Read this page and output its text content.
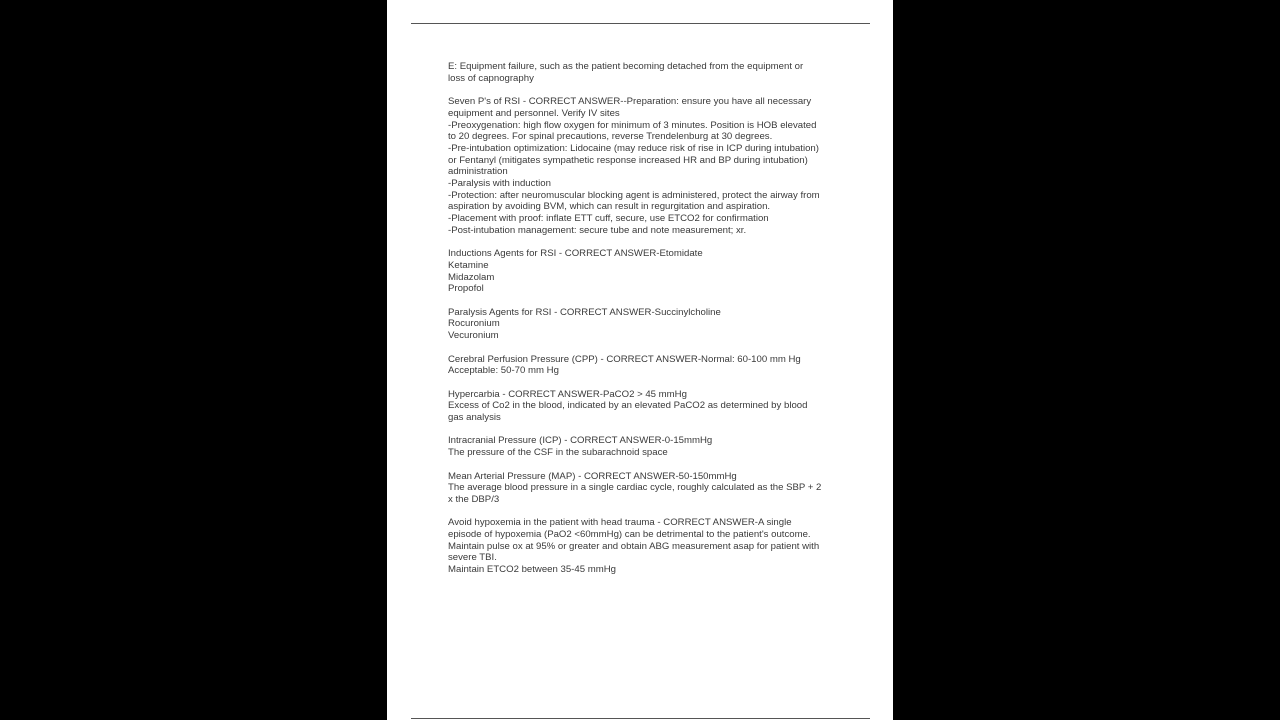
E: Equipment failure, such as the patient becoming detached from the equipment or
loss of capnography
Seven P's of RSI - CORRECT ANSWER--Preparation: ensure you have all necessary
equipment and personnel. Verify IV sites
-Preoxygenation: high flow oxygen for minimum of 3 minutes. Position is HOB elevated
to 20 degrees. For spinal precautions, reverse Trendelenburg at 30 degrees.
-Pre-intubation optimization: Lidocaine (may reduce risk of rise in ICP during intubation)
or Fentanyl (mitigates sympathetic response increased HR and BP during intubation)
administration
-Paralysis with induction
-Protection: after neuromuscular blocking agent is administered, protect the airway from
aspiration by avoiding BVM, which can result in regurgitation and aspiration.
-Placement with proof: inflate ETT cuff, secure, use ETCO2 for confirmation
-Post-intubation management: secure tube and note measurement; xr.
Inductions Agents for RSI - CORRECT ANSWER-Etomidate
Ketamine
Midazolam
Propofol
Paralysis Agents for RSI - CORRECT ANSWER-Succinylcholine
Rocuronium
Vecuronium
Cerebral Perfusion Pressure (CPP) - CORRECT ANSWER-Normal: 60-100 mm Hg
Acceptable: 50-70 mm Hg
Hypercarbia - CORRECT ANSWER-PaCO2 > 45 mmHg
Excess of Co2 in the blood, indicated by an elevated PaCO2 as determined by blood
gas analysis
Intracranial Pressure (ICP) - CORRECT ANSWER-0-15mmHg
The pressure of the CSF in the subarachnoid space
Mean Arterial Pressure (MAP) - CORRECT ANSWER-50-150mmHg
The average blood pressure in a single cardiac cycle, roughly calculated as the SBP + 2
x the DBP/3
Avoid hypoxemia in the patient with head trauma - CORRECT ANSWER-A single
episode of hypoxemia (PaO2 <60mmHg) can be detrimental to the patient's outcome.
Maintain pulse ox at 95% or greater and obtain ABG measurement asap for patient with
severe TBI.
Maintain ETCO2 between 35-45 mmHg
